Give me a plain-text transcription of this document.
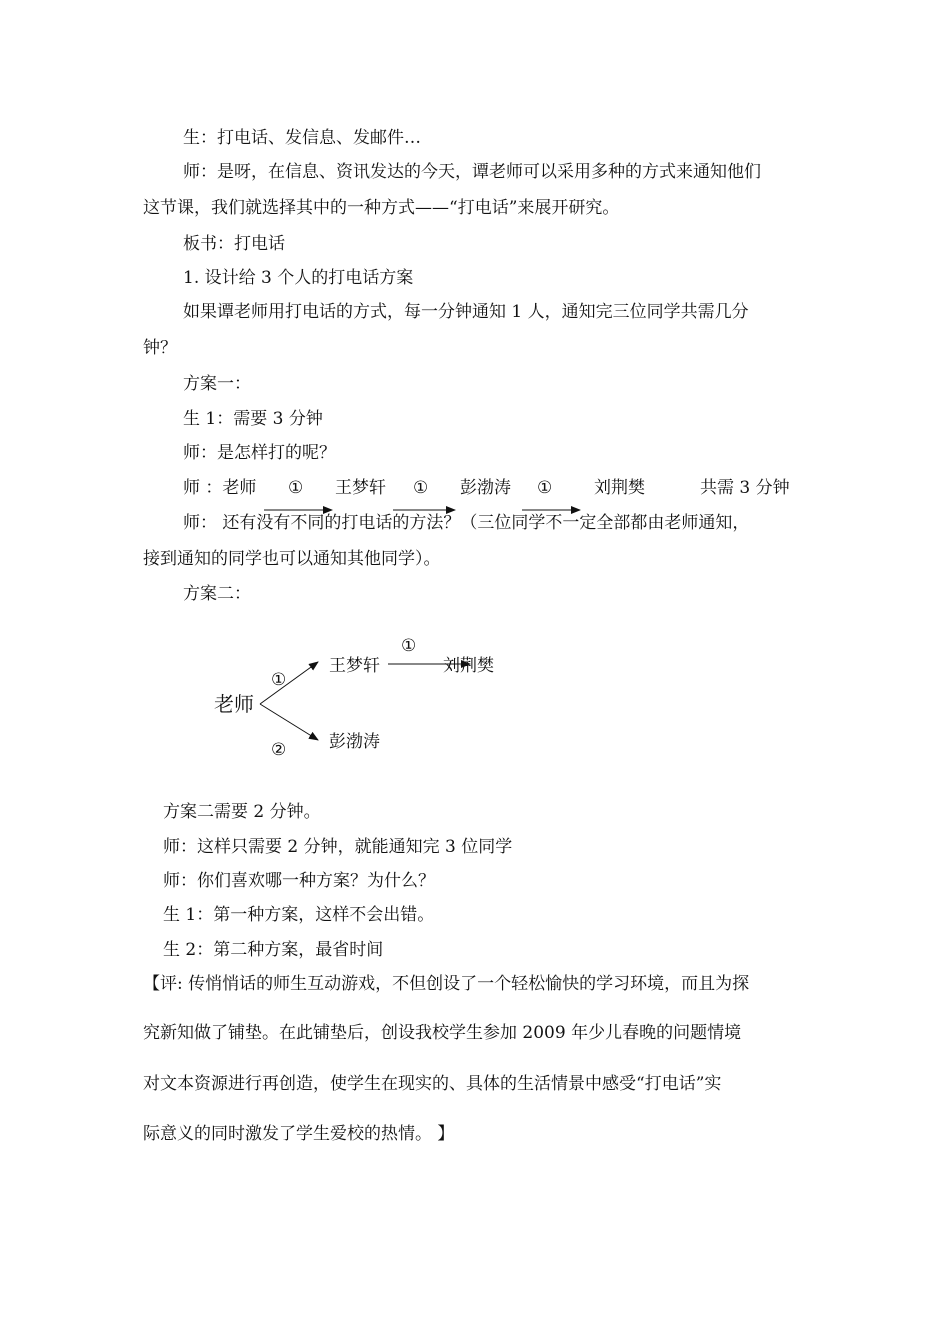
生：打电话、发信息、发邮件…
师：是呀，在信息、资讯发达的今天，谭老师可以采用多种的方式来通知他们
这节课，我们就选择其中的一种方式——“打电话”来展开研究。
板书：打电话
1. 设计给 3 个人的打电话方案
如果谭老师用打电话的方式，每一分钟通知 1 人，通知完三位同学共需几分
钟？
方案一：
生 1：需要 3 分钟
师：是怎样打的呢？
师 ：老师 ① 王梦轩 ① 彭渤涛 ① 刘荆樊	共需 3 分钟
师： 还有没有不同的打电话的方法？（三位同学不一定全部都由老师通知，
接到通知的同学也可以通知其他同学）。
方案二：
老师
①
王梦轩
①
刘荆樊
②	彭渤涛
方案二需要 2 分钟。
师：这样只需要 2 分钟，就能通知完 3 位同学
师：你们喜欢哪一种方案？为什么？
生 1：第一种方案，这样不会出错。
生 2：第二种方案，最省时间
【评: 传悄悄话的师生互动游戏，不但创设了一个轻松愉快的学习环境，而且为探
究新知做了铺垫。在此铺垫后，创设我校学生参加 2009 年少儿春晚的问题情境
对文本资源进行再创造，使学生在现实的、具体的生活情景中感受“打电话”实
际意义的同时激发了学生爱校的热情。 】
